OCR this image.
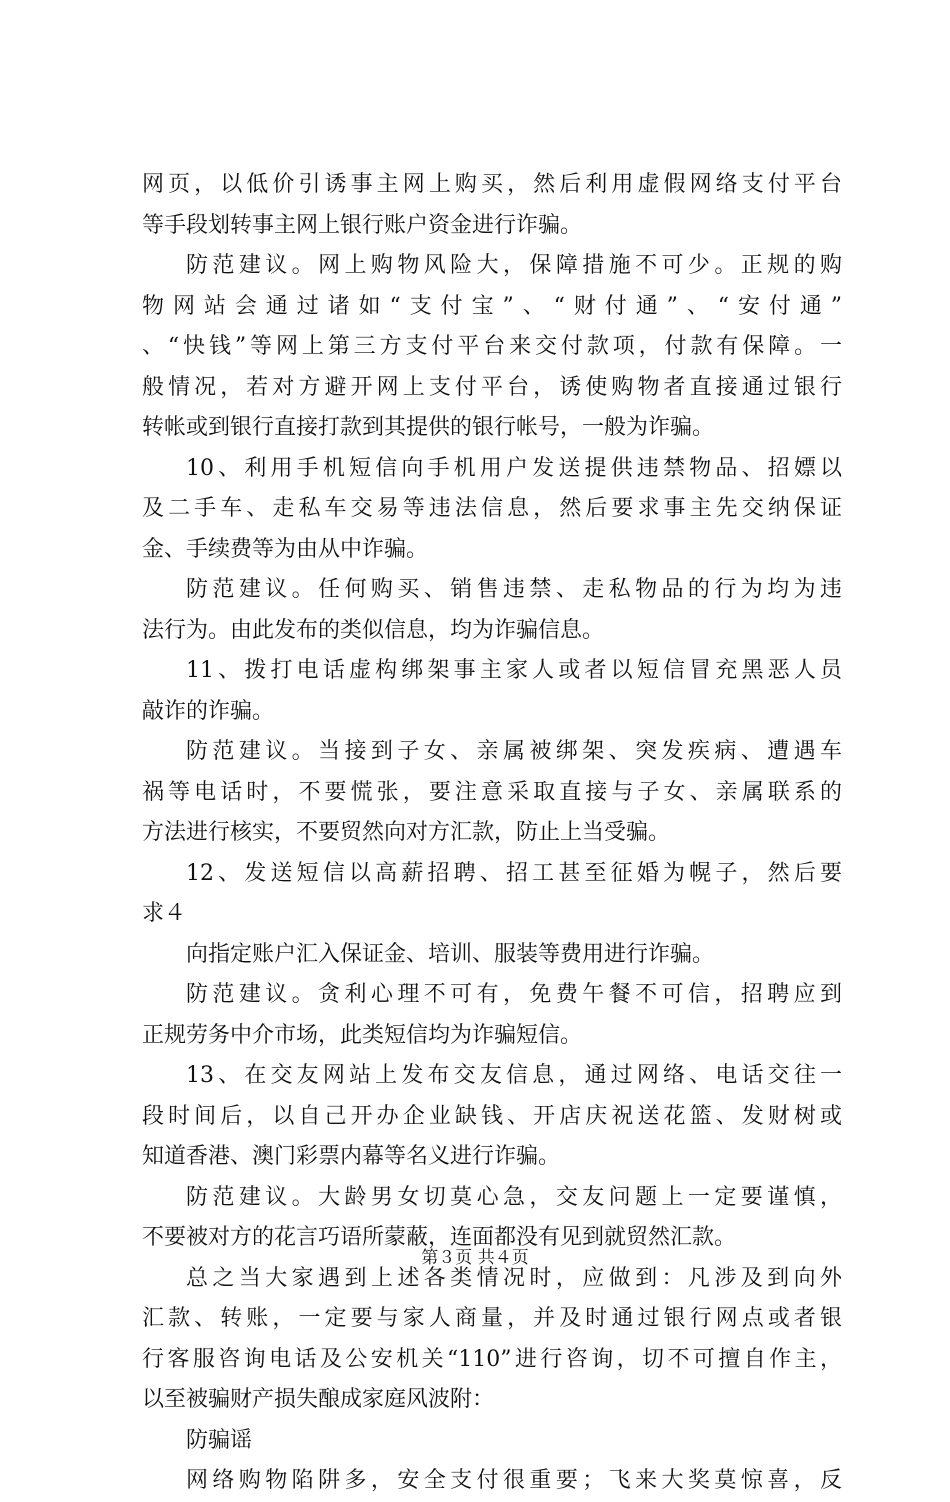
网页，以低价引诱事主网上购买，然后利用虚假网络支付平台
等手段划转事主网上银行账户资金进行诈骗。
防范建议。网上购物风险大，保障措施不可少。正规的购
物网站会通过诸如“支付宝”、“财付通”、“安付通”
、“快钱”等网上第三方支付平台来交付款项，付款有保障。一
般情况，若对方避开网上支付平台，诱使购物者直接通过银行
转帐或到银行直接打款到其提供的银行帐号，一般为诈骗。
10、利用手机短信向手机用户发送提供违禁物品、招嫖以
及二手车、走私车交易等违法信息，然后要求事主先交纳保证
金、手续费等为由从中诈骗。
防范建议。任何购买、销售违禁、走私物品的行为均为违
法行为。由此发布的类似信息，均为诈骗信息。
11、拨打电话虚构绑架事主家人或者以短信冒充黑恶人员
敲诈的诈骗。
防范建议。当接到子女、亲属被绑架、突发疾病、遭遇车
祸等电话时，不要慌张，要注意采取直接与子女、亲属联系的
方法进行核实，不要贸然向对方汇款，防止上当受骗。
12、发送短信以高薪招聘、招工甚至征婚为幌子，然后要
求４
向指定账户汇入保证金、培训、服装等费用进行诈骗。
防范建议。贪利心理不可有，免费午餐不可信，招聘应到
正规劳务中介市场，此类短信均为诈骗短信。
13、在交友网站上发布交友信息，通过网络、电话交往一
段时间后，以自己开办企业缺钱、开店庆祝送花篮、发财树或
知道香港、澳门彩票内幕等名义进行诈骗。
防范建议。大龄男女切莫心急，交友问题上一定要谨慎，
不要被对方的花言巧语所蒙蔽，连面都没有见到就贸然汇款。
总之当大家遇到上述各类情况时，应做到：凡涉及到向外
汇款、转账，一定要与家人商量，并及时通过银行网点或者银
行客服咨询电话及公安机关“110”进行咨询，切不可擅自作主，
以至被骗财产损失酿成家庭风波附：
防骗谣
网络购物陷阱多，安全支付很重要；飞来大奖莫惊喜，反
第３页 共４页
